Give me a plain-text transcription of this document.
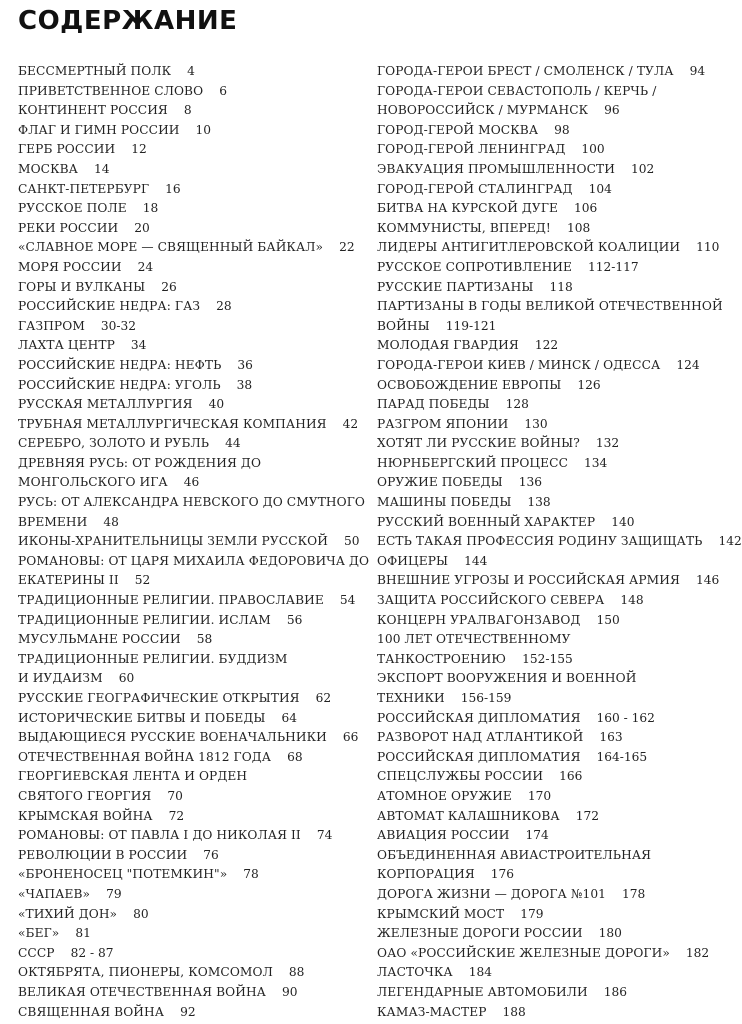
СОДЕРЖАНИЕ
БЕССМЕРТНЫЙ ПОЛК 4
ПРИВЕТСТВЕННОЕ СЛОВО 6
КОНТИНЕНТ РОССИЯ 8
ФЛАГ И ГИМН РОССИИ 10
ГЕРБ РОССИИ 12
МОСКВА 14
САНКТ-ПЕТЕРБУРГ 16
РУССКОЕ ПОЛЕ 18
РЕКИ РОССИИ 20
«СЛАВНОЕ МОРЕ — СВЯЩЕННЫЙ БАЙКАЛ» 22
МОРЯ РОССИИ 24
ГОРЫ И ВУЛКАНЫ 26
РОССИЙСКИЕ НЕДРА: ГАЗ 28
ГАЗПРОМ 30-32
ЛАХТА ЦЕНТР 34
РОССИЙСКИЕ НЕДРА: НЕФТЬ 36
РОССИЙСКИЕ НЕДРА: УГОЛЬ 38
РУССКАЯ МЕТАЛЛУРГИЯ 40
ТРУБНАЯ МЕТАЛЛУРГИЧЕСКАЯ КОМПАНИЯ 42
СЕРЕБРО, ЗОЛОТО И РУБЛЬ 44
ДРЕВНЯЯ РУСЬ: ОТ РОЖДЕНИЯ ДО
МОНГОЛЬСКОГО ИГА 46
РУСЬ: ОТ АЛЕКСАНДРА НЕВСКОГО ДО СМУТНОГО
ВРЕМЕНИ 48
ИКОНЫ-ХРАНИТЕЛЬНИЦЫ ЗЕМЛИ РУССКОЙ 50
РОМАНОВЫ: ОТ ЦАРЯ МИХАИЛА ФЕДОРОВИЧА ДО
ЕКАТЕРИНЫ II 52
ТРАДИЦИОННЫЕ РЕЛИГИИ. ПРАВОСЛАВИЕ 54
ТРАДИЦИОННЫЕ РЕЛИГИИ. ИСЛАМ 56
МУСУЛЬМАНЕ РОССИИ 58
ТРАДИЦИОННЫЕ РЕЛИГИИ. БУДДИЗМ
И ИУДАИЗМ 60
РУССКИЕ ГЕОГРАФИЧЕСКИЕ ОТКРЫТИЯ 62
ИСТОРИЧЕСКИЕ БИТВЫ И ПОБЕДЫ 64
ВЫДАЮЩИЕСЯ РУССКИЕ ВОЕНАЧАЛЬНИКИ 66
ОТЕЧЕСТВЕННАЯ ВОЙНА 1812 ГОДА 68
ГЕОРГИЕВСКАЯ ЛЕНТА И ОРДЕН
СВЯТОГО ГЕОРГИЯ 70
КРЫМСКАЯ ВОЙНА 72
РОМАНОВЫ: ОТ ПАВЛА I ДО НИКОЛАЯ II 74
РЕВОЛЮЦИИ В РОССИИ 76
«БРОНЕНОСЕЦ "ПОТЕМКИН"» 78
«ЧАПАЕВ» 79
«ТИХИЙ ДОН» 80
«БЕГ» 81
СССР 82 - 87
ОКТЯБРЯТА, ПИОНЕРЫ, КОМСОМОЛ 88
ВЕЛИКАЯ ОТЕЧЕСТВЕННАЯ ВОЙНА 90
СВЯЩЕННАЯ ВОЙНА 92
ГОРОДА-ГЕРОИ БРЕСТ / СМОЛЕНСК / ТУЛА 94
ГОРОДА-ГЕРОИ СЕВАСТОПОЛЬ / КЕРЧЬ /
НОВОРОССИЙСК / МУРМАНСК 96
ГОРОД-ГЕРОЙ МОСКВА 98
ГОРОД-ГЕРОЙ ЛЕНИНГРАД 100
ЭВАКУАЦИЯ ПРОМЫШЛЕННОСТИ 102
ГОРОД-ГЕРОЙ СТАЛИНГРАД 104
БИТВА НА КУРСКОЙ ДУГЕ 106
КОММУНИСТЫ, ВПЕРЕД! 108
ЛИДЕРЫ АНТИГИТЛЕРОВСКОЙ КОАЛИЦИИ 110
РУССКОЕ СОПРОТИВЛЕНИЕ 112-117
РУССКИЕ ПАРТИЗАНЫ 118
ПАРТИЗАНЫ В ГОДЫ ВЕЛИКОЙ ОТЕЧЕСТВЕННОЙ
ВОЙНЫ 119-121
МОЛОДАЯ ГВАРДИЯ 122
ГОРОДА-ГЕРОИ КИЕВ / МИНСК / ОДЕССА 124
ОСВОБОЖДЕНИЕ ЕВРОПЫ 126
ПАРАД ПОБЕДЫ 128
РАЗГРОМ ЯПОНИИ 130
ХОТЯТ ЛИ РУССКИЕ ВОЙНЫ? 132
НЮРНБЕРГСКИЙ ПРОЦЕСС 134
ОРУЖИЕ ПОБЕДЫ 136
МАШИНЫ ПОБЕДЫ 138
РУССКИЙ ВОЕННЫЙ ХАРАКТЕР 140
ЕСТЬ ТАКАЯ ПРОФЕССИЯ РОДИНУ ЗАЩИЩАТЬ 142
ОФИЦЕРЫ 144
ВНЕШНИЕ УГРОЗЫ И РОССИЙСКАЯ АРМИЯ 146
ЗАЩИТА РОССИЙСКОГО СЕВЕРА 148
КОНЦЕРН УРАЛВАГОНЗАВОД 150
100 ЛЕТ ОТЕЧЕСТВЕННОМУ
ТАНКОСТРОЕНИЮ 152-155
ЭКСПОРТ ВООРУЖЕНИЯ И ВОЕННОЙ
ТЕХНИКИ 156-159
РОССИЙСКАЯ ДИПЛОМАТИЯ 160 - 162
РАЗВОРОТ НАД АТЛАНТИКОЙ 163
РОССИЙСКАЯ ДИПЛОМАТИЯ 164-165
СПЕЦСЛУЖБЫ РОССИИ 166
АТОМНОЕ ОРУЖИЕ 170
АВТОМАТ КАЛАШНИКОВА 172
АВИАЦИЯ РОССИИ 174
ОБЪЕДИНЕННАЯ АВИАСТРОИТЕЛЬНАЯ
КОРПОРАЦИЯ 176
ДОРОГА ЖИЗНИ — ДОРОГА №101 178
КРЫМСКИЙ МОСТ 179
ЖЕЛЕЗНЫЕ ДОРОГИ РОССИИ 180
ОАО «РОССИЙСКИЕ ЖЕЛЕЗНЫЕ ДОРОГИ» 182
ЛАСТОЧКА 184
ЛЕГЕНДАРНЫЕ АВТОМОБИЛИ 186
КАМАЗ-МАСТЕР 188
